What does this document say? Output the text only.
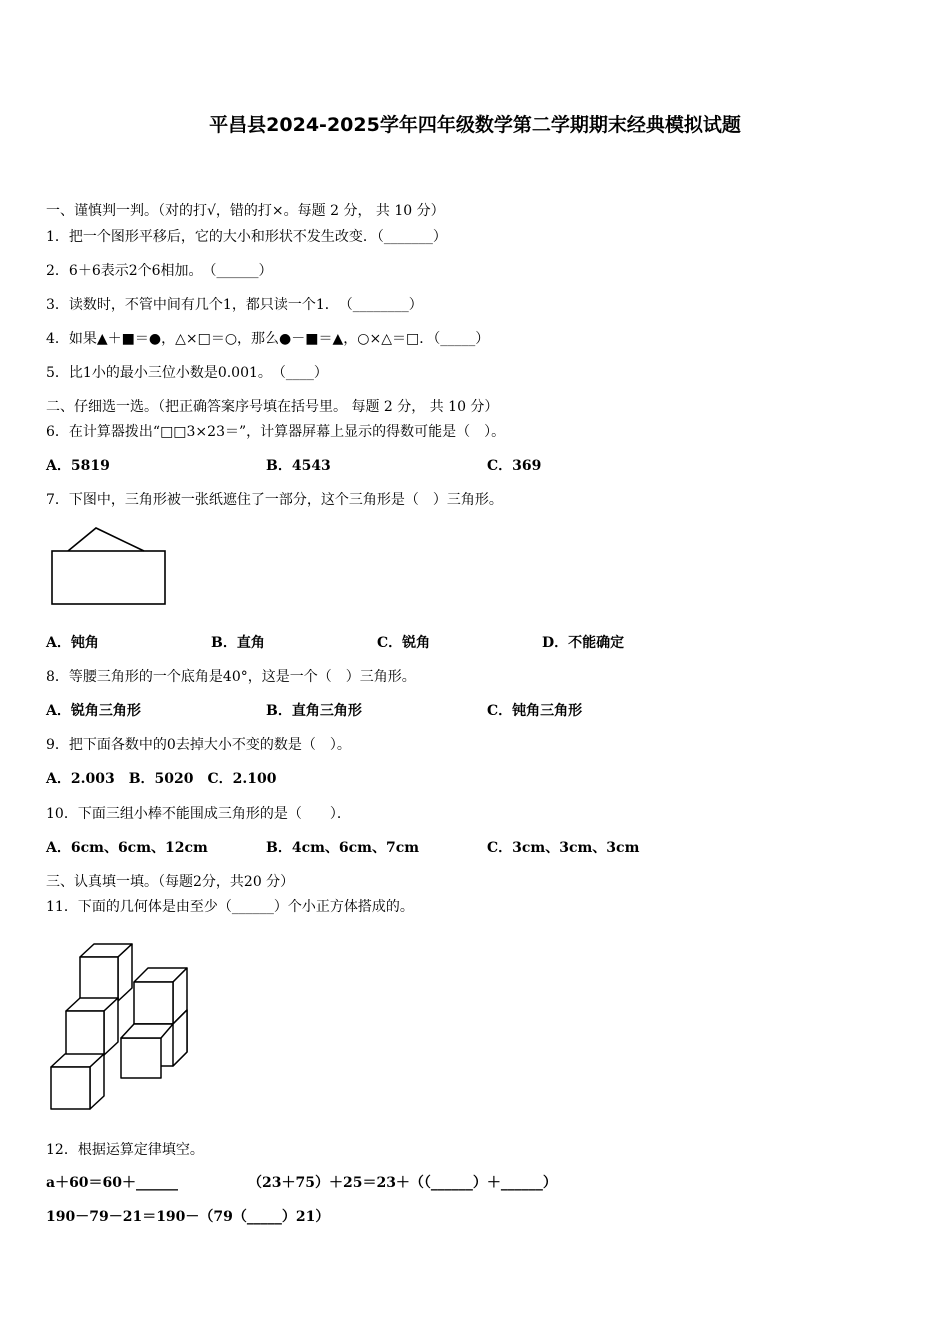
平昌县2024-2025学年四年级数学第二学期期末经典模拟试题
一、谨慎判一判。（对的打√，错的打×。每题 2 分， 共 10 分）
1．把一个图形平移后，它的大小和形状不发生改变．（_______）
2．6＋6表示2个6相加。　（______）
3．读数时，不管中间有几个1，都只读一个1．　（________）
4．如果▲＋■＝●，△×□＝○，那么●－■＝▲，○×△＝□．（_____）
5．比1小的最小三位小数是0.001。　（____）
二、仔细选一选。（把正确答案序号填在括号里。 每题 2 分， 共 10 分）
6．在计算器拨出“□□3×23＝”，计算器屏幕上显示的得数可能是（　）。
A．5819	B．4543	C．369
7．下图中，三角形被一张纸遮住了一部分，这个三角形是（　）三角形。
A．钝角	B．直角	C．锐角	D．不能确定
8．等腰三角形的一个底角是40°，这是一个（　）三角形。
A．锐角三角形	B．直角三角形	C．钝角三角形
9．把下面各数中的0去掉大小不变的数是（　）。
A．2.003　B．5020　C．2.100
10．下面三组小棒不能围成三角形的是（　　）．
A．6cm、6cm、12cm	B．4cm、6cm、7cm	C．3cm、3cm、3cm
三、认真填一填。（每题2分，共20 分）
11．下面的几何体是由至少（______）个小正方体搭成的。
12．根据运算定律填空。
a＋60＝60＋______	（23＋75）＋25＝23＋（（______）＋______）
190－79－21＝190－（79（_____）21）
